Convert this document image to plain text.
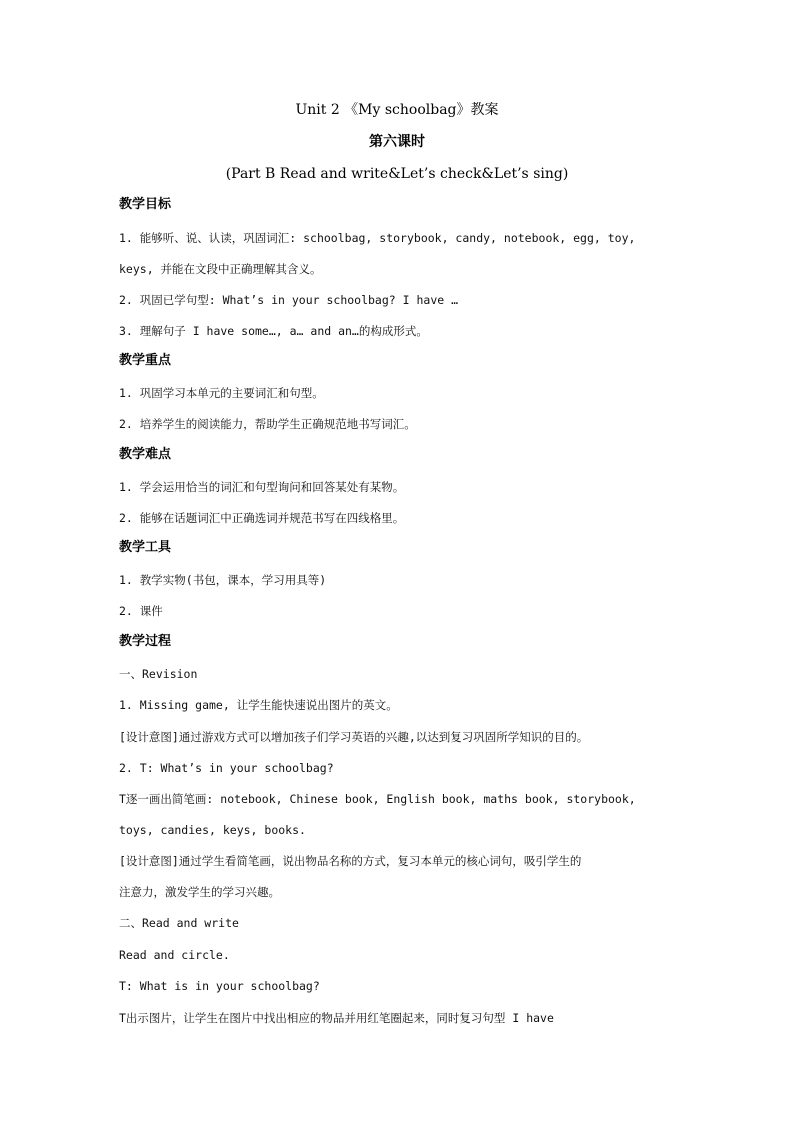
Unit 2 《My schoolbag》教案
第六课时
(Part B Read and write&Let’s check&Let’s sing)
教学目标
1. 能够听、说、认读，巩固词汇: schoolbag, storybook, candy, notebook, egg, toy,
keys, 并能在文段中正确理解其含义。
2. 巩固已学句型: What’s in your schoolbag? I have …
3. 理解句子 I have some…, a… and an…的构成形式。
教学重点
1. 巩固学习本单元的主要词汇和句型。
2. 培养学生的阅读能力，帮助学生正确规范地书写词汇。
教学难点
1. 学会运用恰当的词汇和句型询问和回答某处有某物。
2. 能够在话题词汇中正确选词并规范书写在四线格里。
教学工具
1. 教学实物(书包，课本，学习用具等)
2. 课件
教学过程
一、Revision
1. Missing game, 让学生能快速说出图片的英文。
[设计意图]通过游戏方式可以增加孩子们学习英语的兴趣,以达到复习巩固所学知识的目的。
2. T: What’s in your schoolbag?
T逐一画出简笔画: notebook, Chinese book, English book, maths book, storybook,
toys, candies, keys, books.
[设计意图]通过学生看简笔画，说出物品名称的方式，复习本单元的核心词句，吸引学生的
注意力，激发学生的学习兴趣。
二、Read and write
Read and circle.
T: What is in your schoolbag?
T出示图片，让学生在图片中找出相应的物品并用红笔圈起来，同时复习句型 I have
